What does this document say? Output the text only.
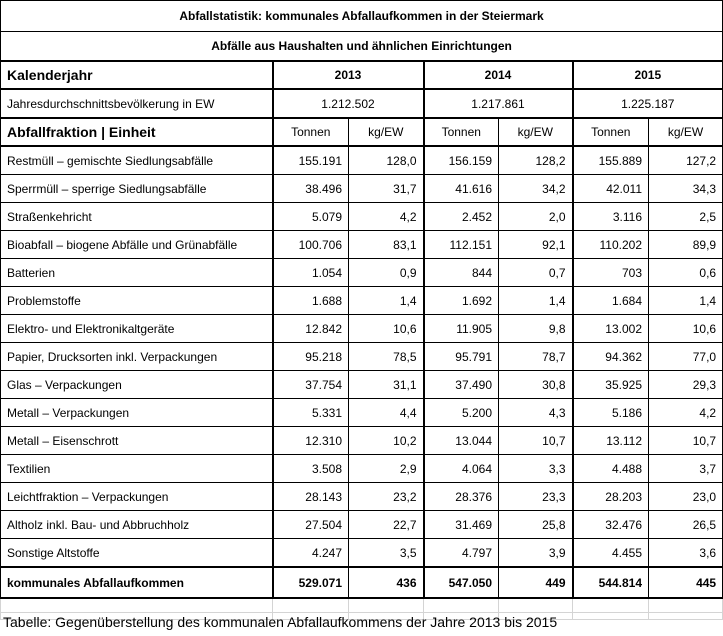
Abfallstatistik: kommunales Abfallaufkommen in der Steiermark						
Abfälle aus Haushalten und ähnlichen Einrichtungen						
Kalenderjahr	2013		2014		2015	
Jahresdurchschnittsbevölkerung in EW	1.212.502		1.217.861		1.225.187	
Abfallfraktion | Einheit	Tonnen	kg/EW	Tonnen	kg/EW	Tonnen	kg/EW
Restmüll – gemischte Siedlungsabfälle	155.191	128,0	156.159	128,2	155.889	127,2
Sperrmüll – sperrige Siedlungsabfälle	38.496	31,7	41.616	34,2	42.011	34,3
Straßenkehricht	5.079	4,2	2.452	2,0	3.116	2,5
Bioabfall – biogene Abfälle und Grünabfälle	100.706	83,1	112.151	92,1	110.202	89,9
Batterien	1.054	0,9	844	0,7	703	0,6
Problemstoffe	1.688	1,4	1.692	1,4	1.684	1,4
Elektro- und Elektronikaltgeräte	12.842	10,6	11.905	9,8	13.002	10,6
Papier, Drucksorten inkl. Verpackungen	95.218	78,5	95.791	78,7	94.362	77,0
Glas – Verpackungen	37.754	31,1	37.490	30,8	35.925	29,3
Metall – Verpackungen	5.331	4,4	5.200	4,3	5.186	4,2
Metall – Eisenschrott	12.310	10,2	13.044	10,7	13.112	10,7
Textilien	3.508	2,9	4.064	3,3	4.488	3,7
Leichtfraktion – Verpackungen	28.143	23,2	28.376	23,3	28.203	23,0
Altholz inkl. Bau- und Abbruchholz	27.504	22,7	31.469	25,8	32.476	26,5
Sonstige Altstoffe	4.247	3,5	4.797	3,9	4.455	3,6
kommunales Abfallaufkommen	529.071	436	547.050	449	544.814	445

Tabelle: Gegenüberstellung des kommunalen Abfallaufkommens der Jahre 2013 bis 2015
